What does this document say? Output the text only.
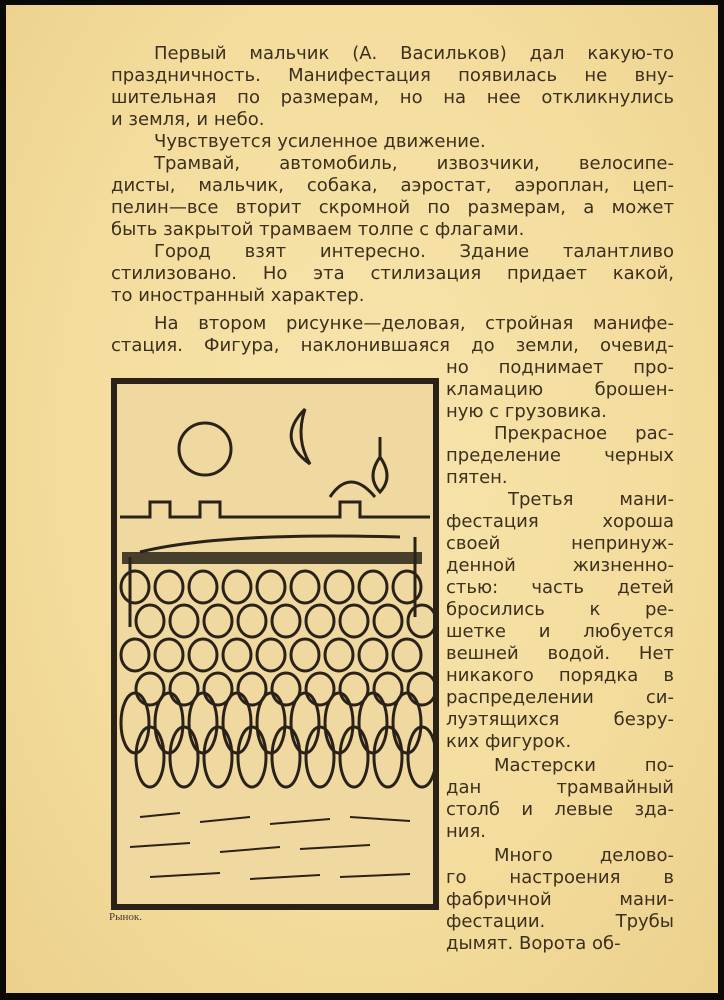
Первый мальчик (А. Васильков) дал какую-то
праздничность. Манифестация появилась не вну-
шительная по размерам, но на нее откликнулись
и земля, и небо.
Чувствуется усиленное движение.
Трамвай, автомобиль, извозчики, велосипе-
дисты, мальчик, собака, аэростат, аэроплан, цеп-
пелин—все вторит скромной по размерам, а может
быть закрытой трамваем толпе с флагами.
Город взят интересно. Здание талантливо
стилизовано. Но эта стилизация придает какой,
то иностранный характер.
На втором рисунке—деловая, стройная манифе-
стация. Фигура, наклонившаяся до земли, очевид-
но поднимает про-
кламацию брошен-
ную с грузовика.
Прекрасное рас-
пределение черных
пятен.
Третья мани-
фестация хороша
своей непринуж-
денной жизненно-
стью: часть детей
бросились к ре-
шетке и любуется
вешней водой. Нет
никакого порядка в
распределении си-
луэтящихся безру-
ких фигурок.
Мастерски по-
дан трамвайный
столб и левые зда-
ния.
Много делово-
го настроения в
фабричной мани-
фестации. Трубы
дымят. Ворота об-
Рынок.
